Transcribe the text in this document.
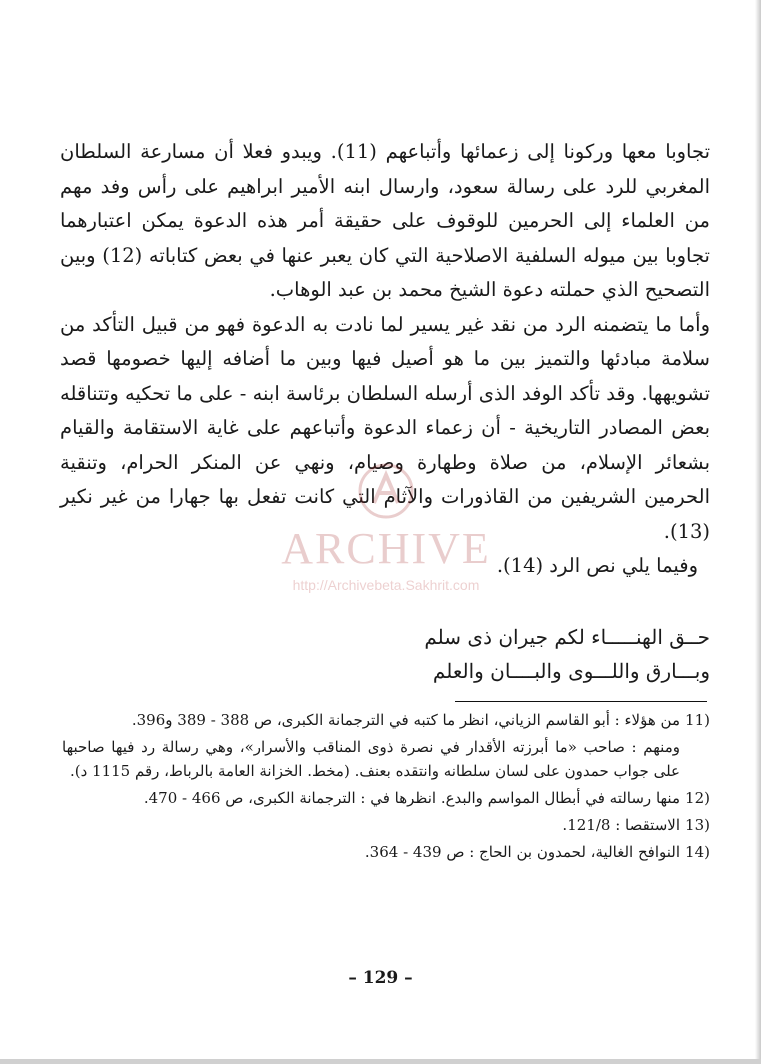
تجاوبا معها وركونا إلى زعمائها وأتباعهم (11). ويبدو فعلا أن مسارعة السلطان المغربي للرد على رسالة سعود، وارسال ابنه الأمير ابراهيم على رأس وفد مهم من العلماء إلى الحرمين للوقوف على حقيقة أمر هذه الدعوة يمكن اعتبارهما تجاوبا بين ميوله السلفية الاصلاحية التي كان يعبر عنها في بعض كتاباته (12) وبين التصحيح الذي حملته دعوة الشيخ محمد بن عبد الوهاب.

وأما ما يتضمنه الرد من نقد غير يسير لما نادت به الدعوة فهو من قبيل التأكد من سلامة مبادئها والتميز بين ما هو أصيل فيها وبين ما أضافه إليها خصومها قصد تشويهها. وقد تأكد الوفد الذى أرسله السلطان برئاسة ابنه - على ما تحكيه وتتناقله بعض المصادر التاريخية - أن زعماء الدعوة وأتباعهم على غاية الاستقامة والقيام بشعائر الإسلام، من صلاة وطهارة وصيام، ونهي عن المنكر الحرام، وتنقية الحرمين الشريفين من القاذورات والآثام التي كانت تفعل بها جهارا من غير نكير (13).

وفيما يلي نص الرد (14).

حــق الهنـــــاء لكم جيران ذى سلم

وبـــارق واللـــوى والبــــان والعلم

11)
من هؤلاء : أبو القاسم الزياني، انظر ما كتبه في الترجمانة الكبرى، ص 388 - 389 و396.
ومنهم : صاحب «ما أبرزته الأقدار في نصرة ذوى المناقب والأسرار»، وهي رسالة رد فيها صاحبها على جواب حمدون على لسان سلطانه وانتقده بعنف. (مخط. الخزانة العامة بالرباط، رقم 1115 د).
12)
منها رسالته في أبطال المواسم والبدع. انظرها في : الترجمانة الكبرى، ص 466 - 470.
13)
الاستقصا : 121/8.
14)
النوافح الغالية، لحمدون بن الحاج : ص 439 - 364.
– 129 –
ARCHIVE
http://Archivebeta.Sakhrit.com
